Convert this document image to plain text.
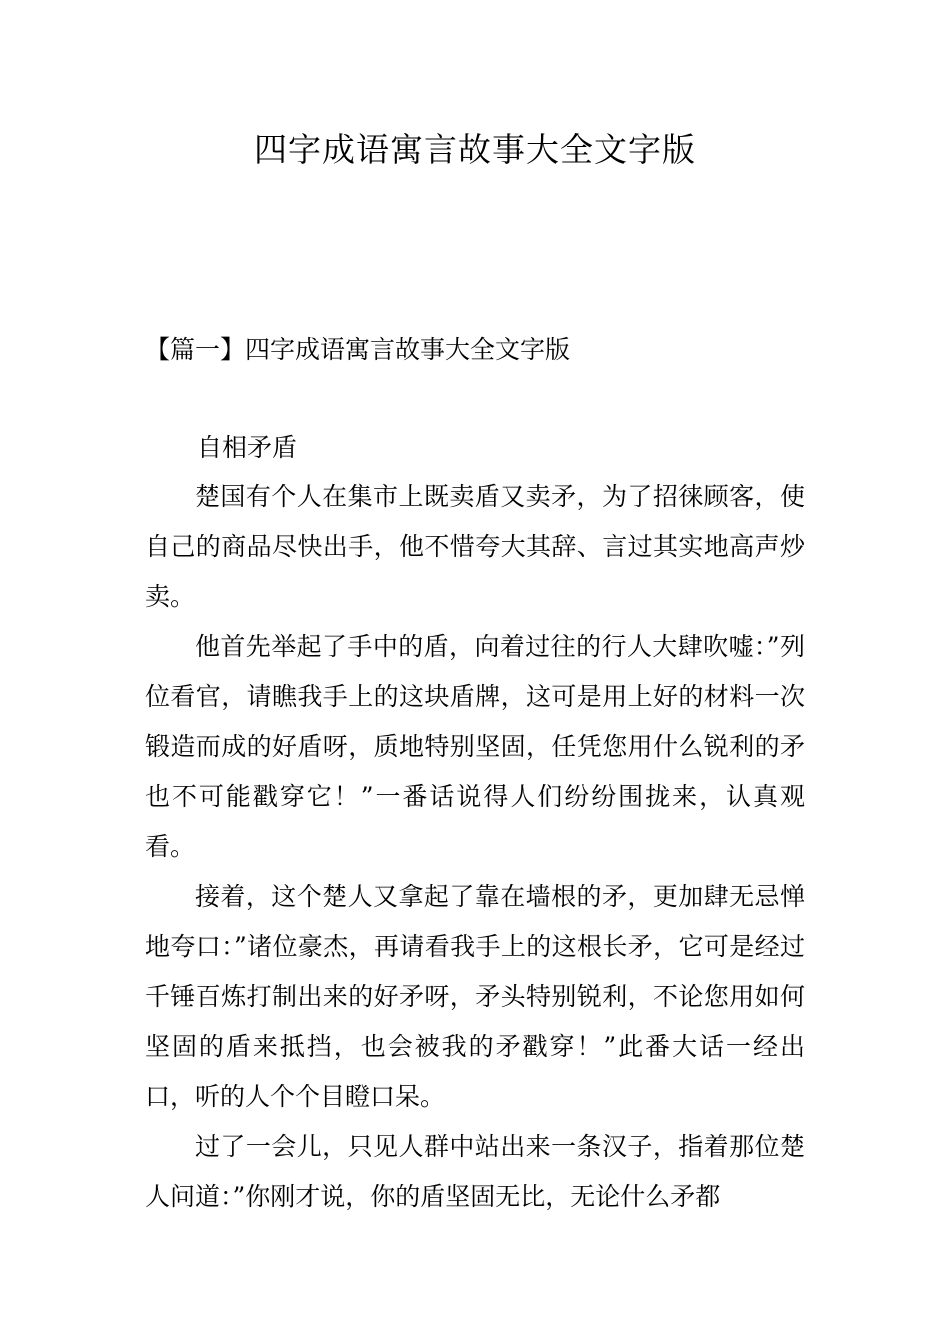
四字成语寓言故事大全文字版
【篇一】四字成语寓言故事大全文字版
自相矛盾

楚国有个人在集市上既卖盾又卖矛，为了招徕顾客，使自己的商品尽快出手，他不惜夸大其辞、言过其实地高声炒卖。

他首先举起了手中的盾，向着过往的行人大肆吹嘘：”列位看官，请瞧我手上的这块盾牌，这可是用上好的材料一次锻造而成的好盾呀，质地特别坚固，任凭您用什么锐利的矛也不可能戳穿它！”一番话说得人们纷纷围拢来，认真观看。

接着，这个楚人又拿起了靠在墙根的矛，更加肆无忌惮地夸口：”诸位豪杰，再请看我手上的这根长矛，它可是经过千锤百炼打制出来的好矛呀，矛头特别锐利，不论您用如何坚固的盾来抵挡，也会被我的矛戳穿！”此番大话一经出口，听的人个个目瞪口呆。

过了一会儿，只见人群中站出来一条汉子，指着那位楚人问道：”你刚才说，你的盾坚固无比，无论什么矛都
